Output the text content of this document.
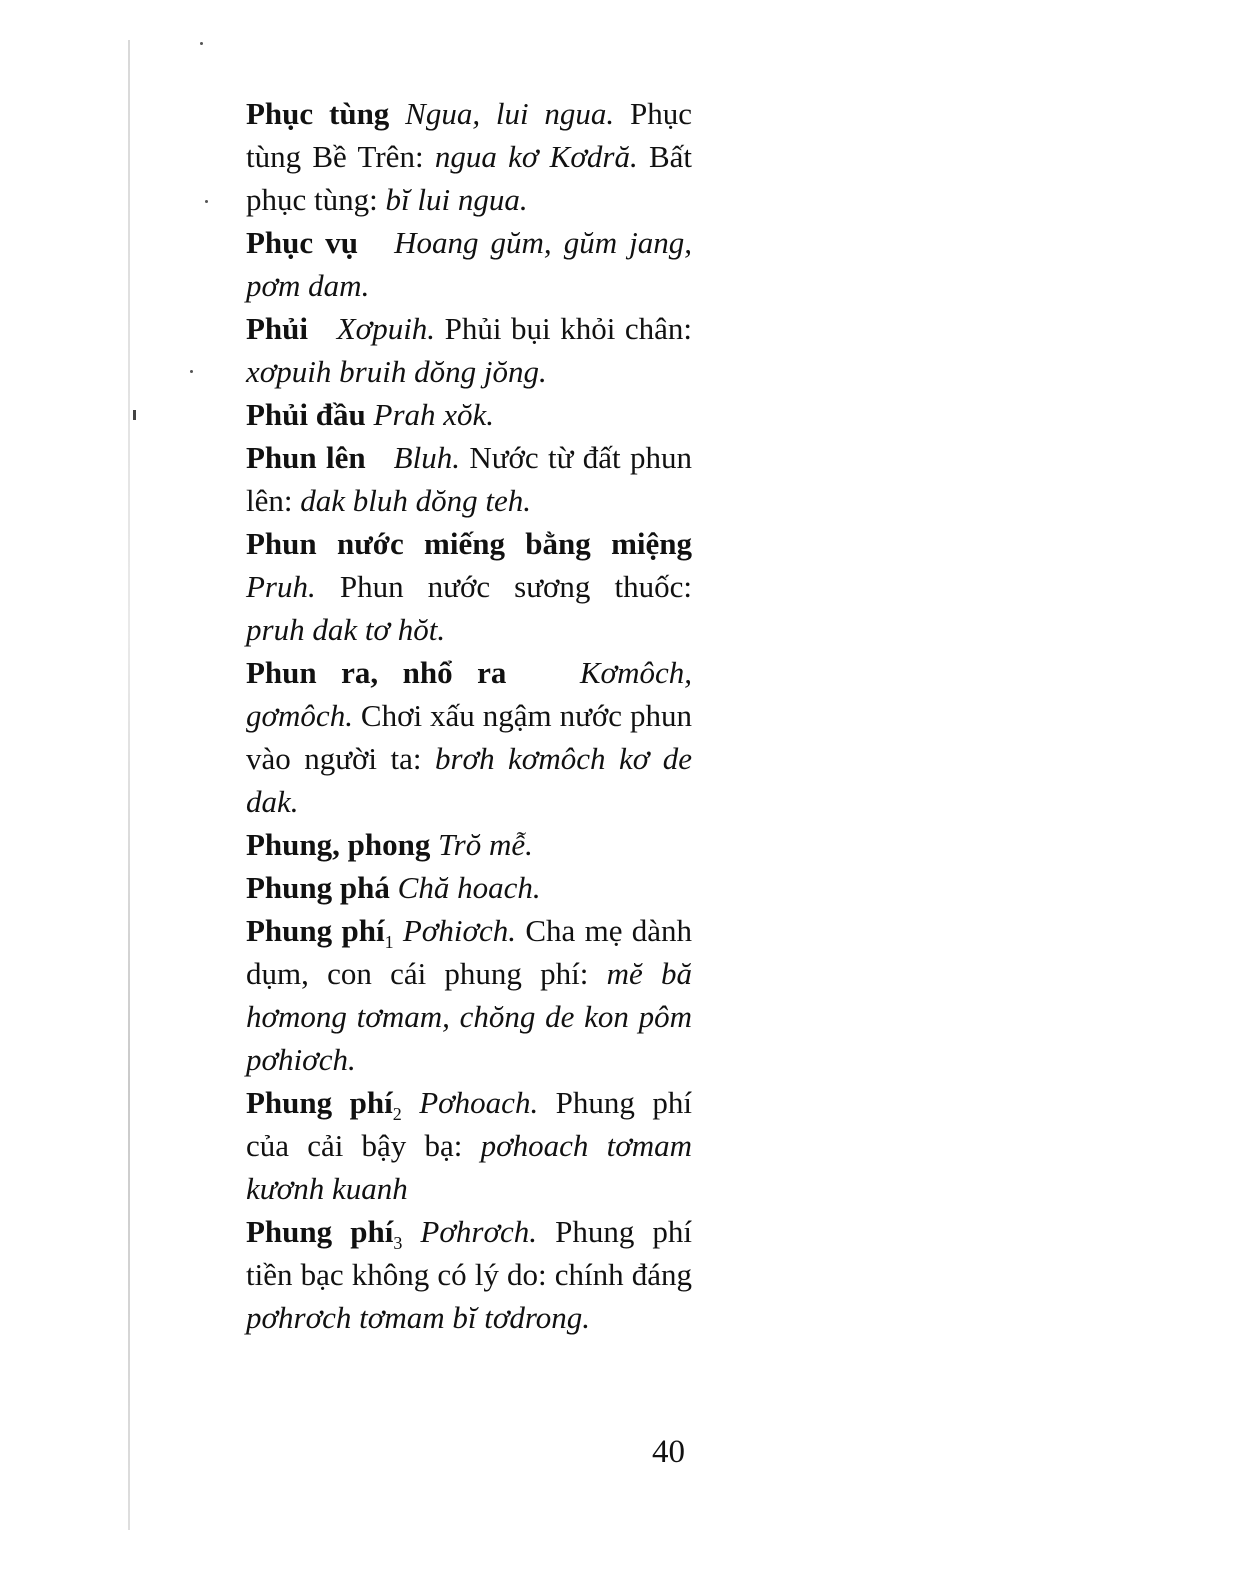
Phục tùng Ngua, lui ngua. Phục tùng Bề Trên: ngua kơ Kơdră. Bất phục tùng: bĭ lui ngua.

Phục vụ Hoang gŭm, gŭm jang, pơm dam.

Phủi Xơpuih. Phủi bụi khỏi chân: xơpuih bruih dŏng jŏng.

Phủi đầu Prah xŏk.

Phun lên Bluh. Nước từ đất phun lên: dak bluh dŏng teh.

Phun nước miếng bằng miệng Pruh. Phun nước sương thuốc: pruh dak tơ hŏt.

Phun ra, nhổ ra Kơmôch, gơmôch. Chơi xấu ngậm nước phun vào người ta: brơh kơmôch kơ de dak.

Phung, phong Trŏ mễ.

Phung phá Chă hoach.

Phung phí$_1$ Pơhiơch. Cha mẹ dành dụm, con cái phung phí: mĕ bă hơmong tơmam, chŏng de kon pôm pơhiơch.

Phung phí$_2$ Pơhoach. Phung phí của cải bậy bạ: pơhoach tơmam kươnh kuanh

Phung phí$_3$ Pơhrơch. Phung phí tiền bạc không có lý do: chính đáng pơhrơch tơmam bĭ tơdrong.

40
